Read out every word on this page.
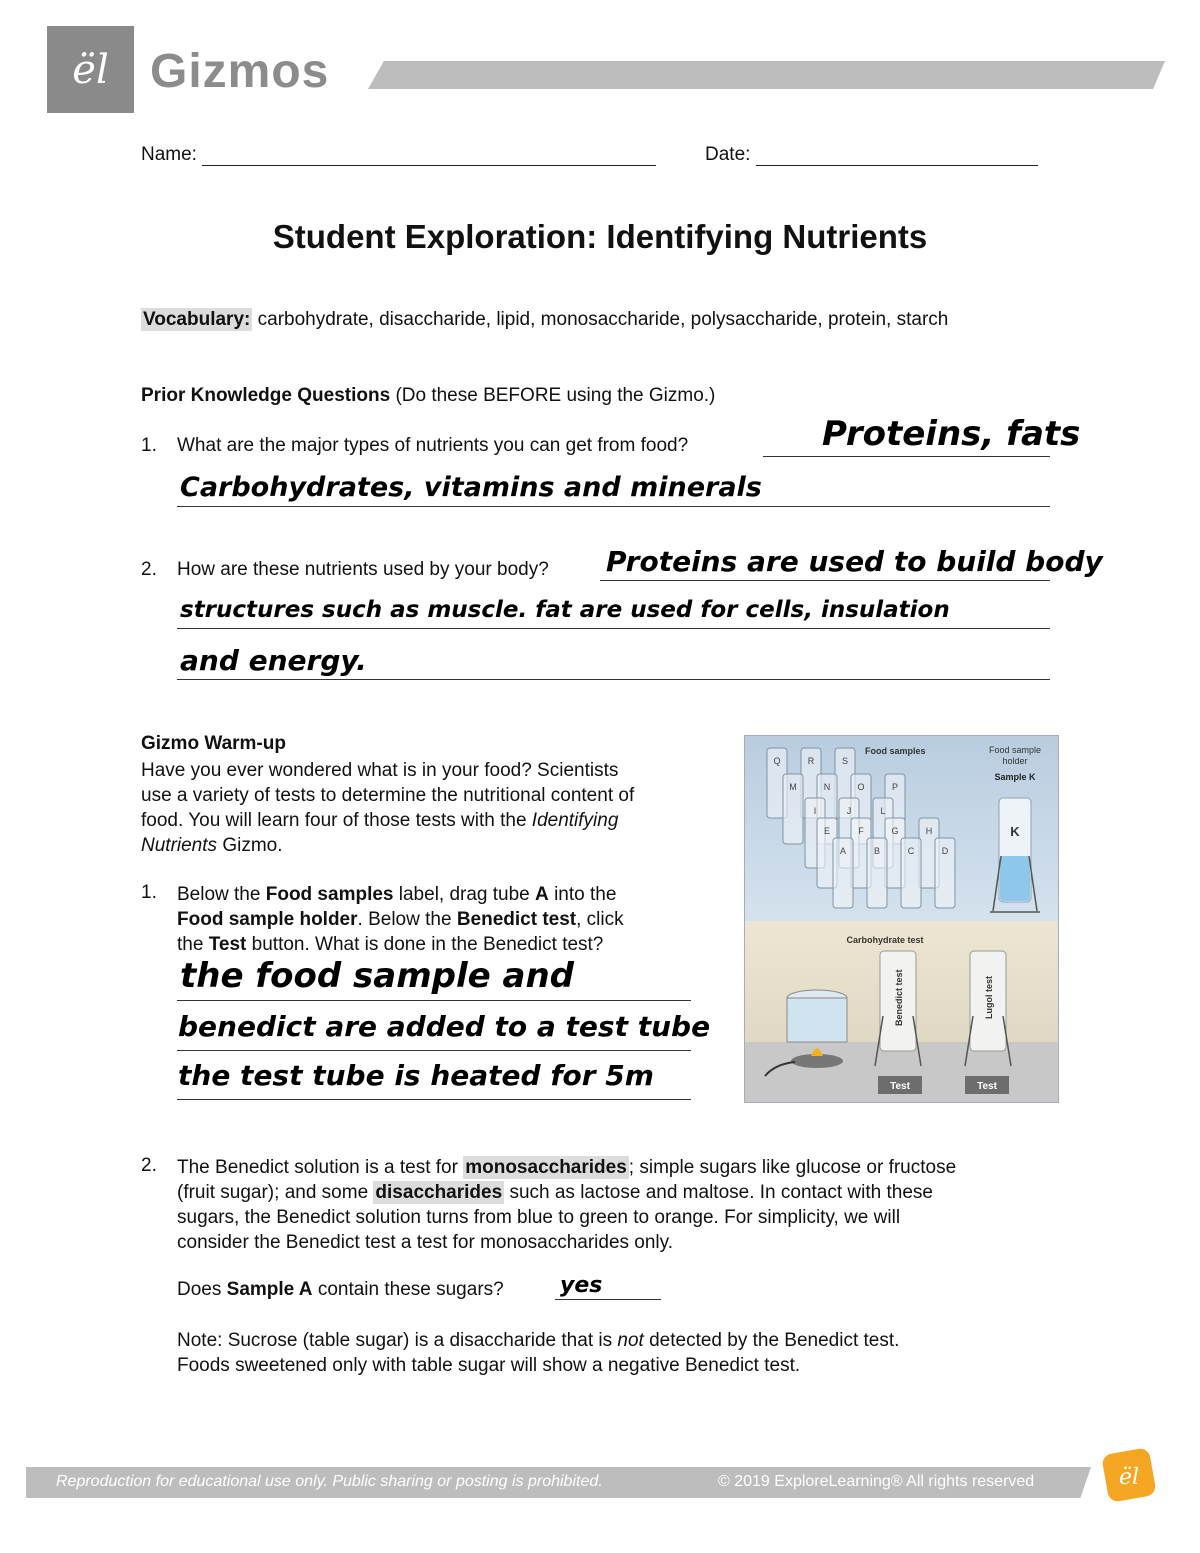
ël Gizmos
Name:	Date:
Student Exploration: Identifying Nutrients
Vocabulary: carbohydrate, disaccharide, lipid, monosaccharide, polysaccharide, protein, starch
Prior Knowledge Questions (Do these BEFORE using the Gizmo.)
1. What are the major types of nutrients you can get from food?	Proteins, fats
Carbohydrates, vitamins and minerals
2. How are these nutrients used by your body? Proteins are used to build body
structures such as muscle. fat are used for cells, insulation
and energy.
Gizmo Warm-up
Have you ever wondered what is in your food? Scientists
use a variety of tests to determine the nutritional content of
food. You will learn four of those tests with the Identifying
Nutrients Gizmo.
1. Below the Food samples label, drag tube A into the
Food sample holder. Below the Benedict test, click
the Test button. What is done in the Benedict test?
the food sample and
benedict are added to a test tube
the test tube is heated for 5m
Food samples	Food sample
holder
Sample K
Q	R	S
M	N	O	P
I	J	L
E	F	G	H
A	B	C	D
K
Carbohydrate test
Benedict test	Lugol test
Test	Test
2. The Benedict solution is a test for monosaccharides ; simple sugars like glucose or fructose
(fruit sugar); and some disaccharides such as lactose and maltose. In contact with these
sugars, the Benedict solution turns from blue to green to orange. For simplicity, we will
consider the Benedict test a test for monosaccharides only.
Does Sample A contain these sugars?	yes
Note: Sucrose (table sugar) is a disaccharide that is not detected by the Benedict test.
Foods sweetened only with table sugar will show a negative Benedict test.
Reproduction for educational use only. Public sharing or posting is prohibited.	© 2019 ExploreLearning® All rights reserved	ël
